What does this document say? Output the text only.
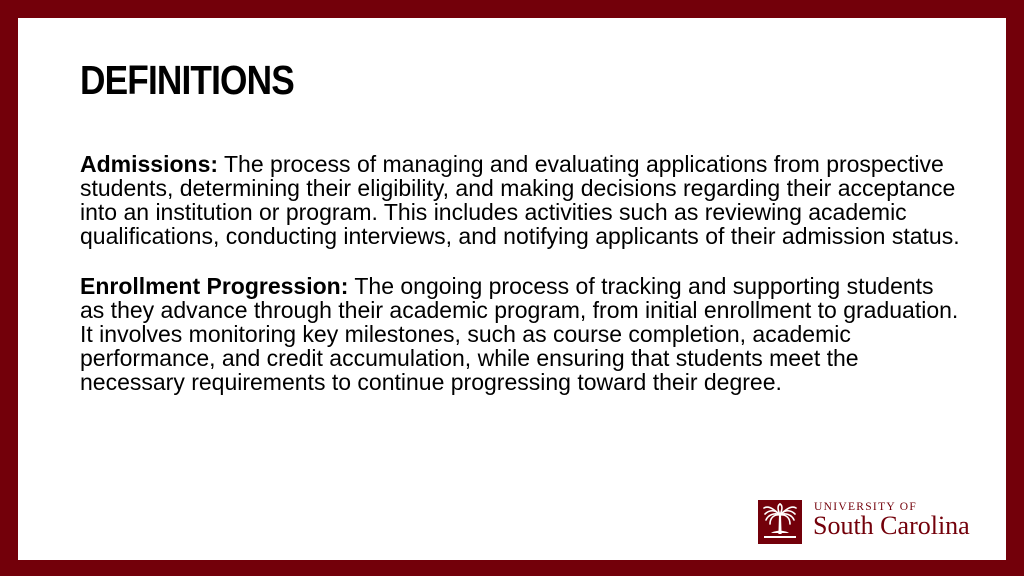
DEFINITIONS

Admissions: The process of managing and evaluating applications from prospective students, determining their eligibility, and making decisions regarding their acceptance into an institution or program. This includes activities such as reviewing academic qualifications, conducting interviews, and notifying applicants of their admission status.

Enrollment Progression: The ongoing process of tracking and supporting students as they advance through their academic program, from initial enrollment to graduation. It involves monitoring key milestones, such as course completion, academic performance, and credit accumulation, while ensuring that students meet the necessary requirements to continue progressing toward their degree.

UNIVERSITY OF
South Carolina
